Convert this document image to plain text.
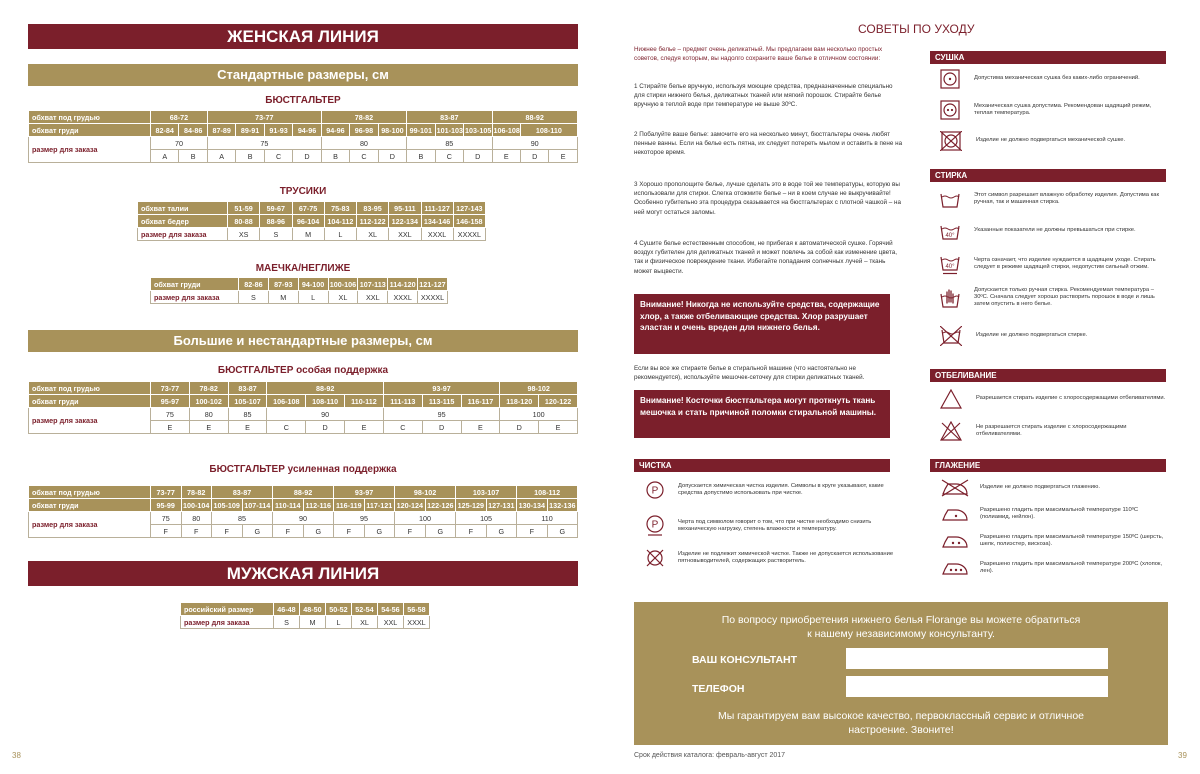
ЖЕНСКАЯ ЛИНИЯ
Стандартные размеры, см
БЮСТГАЛЬТЕР
обхват под грудью	68-72		73-77				78-82			83-87			88-92		
обхват груди	82-84	84-86	87-89	89-91	91-93	94-96	94-96	96-98	98-100	99-101	101-103	103-105	106-108	108-110	
размер для заказа	70		75				80			85			90		
	A	B	A	B	C	D	B	C	D	B	C	D	E	D	E
ТРУСИКИ
обхват талии	51-59	59-67	67-75	75-83	83-95	95-111	111-127	127-143
обхват бедер	80-88	88-96	96-104	104-112	112-122	122-134	134-146	146-158
размер для заказа	XS	S	M	L	XL	XXL	XXXL	XXXXL
МАЕЧКА/НЕГЛИЖЕ
обхват груди	82-86	87-93	94-100	100-106	107-113	114-120	121-127
размер для заказа	S	M	L	XL	XXL	XXXL	XXXXL
Большие и нестандартные размеры, см
БЮСТГАЛЬТЕР особая поддержка
обхват под грудью	73-77	78-82	83-87	88-92			93-97			98-102	
обхват груди	95-97	100-102	105-107	106-108	108-110	110-112	111-113	113-115	116-117	118-120	120-122
размер для заказа	75	80	85	90			95			100	
	E	E	E	C	D	E	C	D	E	D	E
БЮСТГАЛЬТЕР усиленная поддержка
обхват под грудью	73-77	78-82	83-87		88-92		93-97		98-102		103-107		108-112	
обхват груди	95-99	100-104	105-109	107-114	110-114	112-116	116-119	117-121	120-124	122-126	125-129	127-131	130-134	132-136
размер для заказа	75	80	85		90		95		100		105		110	
	F	F	F	G	F	G	F	G	F	G	F	G	F	G
МУЖСКАЯ ЛИНИЯ
российский размер	46-48	48-50	50-52	52-54	54-56	56-58
размер для заказа	S	M	L	XL	XXL	XXXL
38
СОВЕТЫ ПО УХОДУ
Нижнее белье – предмет очень деликатный. Мы предлагаем вам несколько простых советов, следуя которым, вы надолго сохраните ваше белье в отличном состоянии:
1 Стирайте белье вручную, используя моющие средства, предназначенные специально для стирки нижнего белья, деликатных тканей или мягкий порошок. Стирайте белье вручную в теплой воде при температуре не выше 30ºС.
2 Побалуйте ваше белье: замочите его на несколько минут, бюстгальтеры очень любят пенные ванны. Если на белье есть пятна, их следует потереть мылом и оставить в пене на некоторое время.
3 Хорошо прополощите белье, лучше сделать это в воде той же температуры, которую вы использовали для стирки. Слегка отожмите белье – ни в коем случае не выкручивайте! Особенно губительно эта процедура сказывается на бюстгальтерах с плотной чашкой – на ней могут остаться заломы.
4 Сушите белье естественным способом, не прибегая к автоматической сушке. Горячий воздух губителен для деликатных тканей и может повлечь за собой как изменение цвета, так и физическое повреждение ткани. Избегайте попадания солнечных лучей – ткань может выцвести.
Внимание! Никогда не используйте средства, содержащие хлор, а также отбеливающие средства. Хлор разрушает эластан и очень вреден для нижнего белья.
Если вы все же стираете белье в стиральной машине (что настоятельно не рекомендуется), используйте мешочек-сеточку для стирки деликатных тканей.
Внимание! Косточки бюстгальтера могут проткнуть ткань мешочка и стать причиной поломки стиральной машины.
ЧИСТКА
P	Допускается химическая чистка изделия. Символы в круге указывают, какие средства допустимо использовать при чистке.
P	Черта под символом говорит о том, что при чистке необходимо снизить механическую нагрузку, степень влажности и температуру.
Изделие не подлежит химической чистке. Также не допускается использование пятновыводителей, содержащих растворитель.
СУШКА
Допустима механическая сушка без каких-либо ограничений.
Механическая сушка допустима. Рекомендован щадящий режим, теплая температура.
Изделие не должно подвергаться механической сушке.
СТИРКА
Этот символ разрешает влажную обработку изделия. Допустима как ручная, так и машинная стирка.
40°
Указанные показатели не должны превышаться при стирке.
40°
Черта означает, что изделие нуждается в щадящем уходе. Стирать следует в режиме щадящей стирки, недопустим сильный отжим.
Допускается только ручная стирка. Рекомендуемая температура – 30ºС. Сначала следует хорошо растворить порошок в воде и лишь затем опустить в него белье.
Изделие не должно подвергаться стирке.
ОТБЕЛИВАНИЕ
Разрешается стирать изделие с хлоросодержащими отбеливателями.
Не разрешается стирать изделие с хлоросодержащими отбеливателями.
ГЛАЖЕНИЕ
Изделие не должно подвергаться глажению.
Разрешено гладить при максимальной температуре 110ºС (полиамид, нейлон).
Разрешено гладить при максимальной температуре 150ºС (шерсть, шелк, полиэстер, вискоза).
Разрешено гладить при максимальной температуре 200ºС (хлопок, лен).
По вопросу приобретения нижнего белья Florange вы можете обратиться
к нашему независимому консультанту.
ВАШ КОНСУЛЬТАНТ
ТЕЛЕФОН
Мы гарантируем вам высокое качество, первоклассный сервис и отличное
настроение. Звоните!
Срок действия каталога: февраль-август 2017	39
